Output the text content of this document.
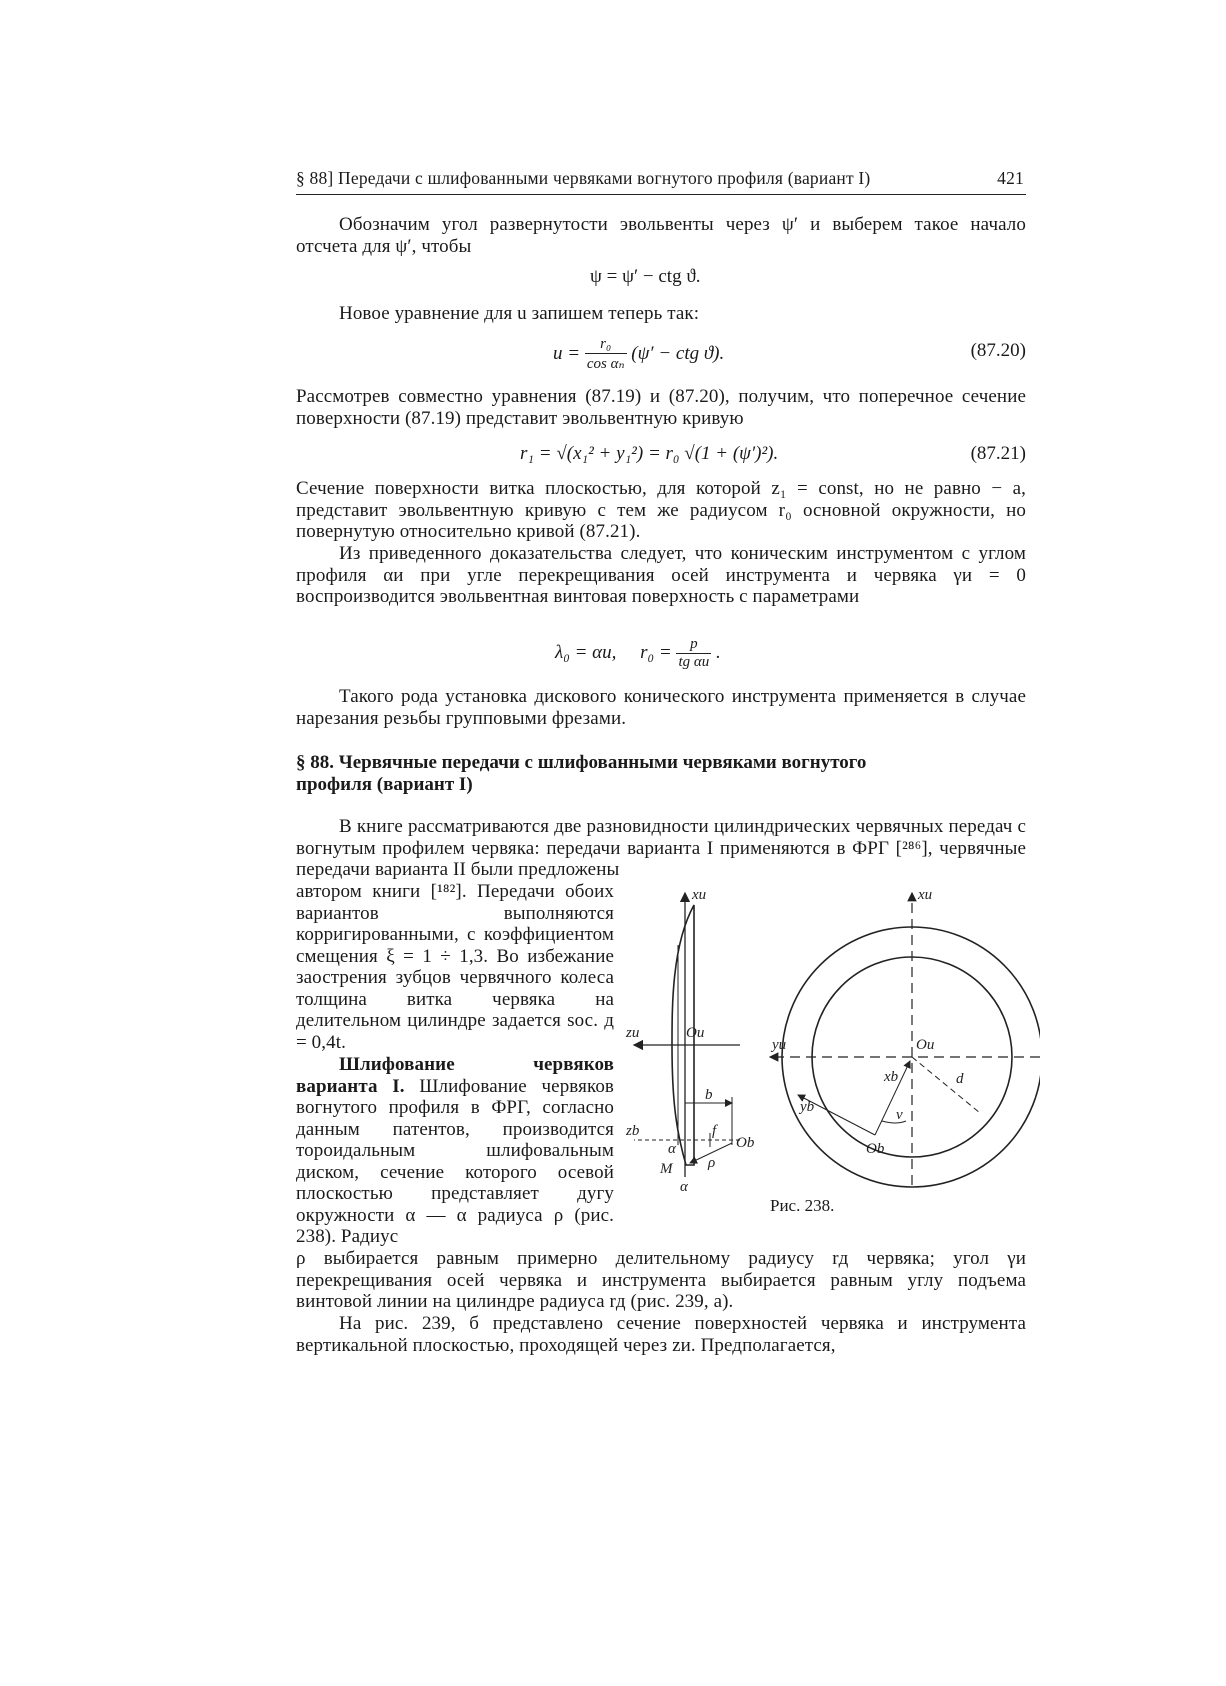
§ 88] Передачи с шлифованными червяками вогнутого профиля (вариант I)	421

Обозначим угол развернутости эвольвенты через ψ′ и выберем такое начало отсчета для ψ′, чтобы

ψ = ψ′ − ctg ϑ.

Новое уравнение для u запишем теперь так:

$u = \frac{\text{r₀}}{\text{cos αₙ}} (\psi'$ − ctg ϑ).	(87.20)

Рассмотрев совместно уравнения (87.19) и (87.20), получим, что поперечное сечение поверхности (87.19) представит эвольвентную кривую

r₁ = √(x₁² + y₁²) = r₀ √(1 + (ψ′)²).	(87.21)

Сечение поверхности витка плоскостью, для которой z₁ = const, но не равно − a, представит эвольвентную кривую с тем же радиусом r₀ основной окружности, но повернутую относительно кривой (87.21).

Из приведенного доказательства следует, что коническим инструментом с углом профиля αи при угле перекрещивания осей инструмента и червяка γи = 0 воспроизводится эвольвентная винтовая поверхность с параметрами

λ₀ = αи, $r_0 = \frac{p}{\text{tg αи}}$ .

Такого рода установка дискового конического инструмента применяется в случае нарезания резьбы групповыми фрезами.

§ 88. Червячные передачи с шлифованными червяками вогнутого профиля (вариант I)

В книге рассматриваются две разновидности цилиндрических червячных передач с вогнутым профилем червяка: передачи варианта I применяются в ФРГ [²⁸⁶], червячные передачи варианта II были предложены

автором книги [¹⁸²]. Передачи обоих вариантов выполняются корригированными, с коэффициентом смещения ξ = 1 ÷ 1,3. Во избежание заострения зубцов червячного колеса толщина витка червяка на делительном цилиндре задается sос. д = 0,4t.

Шлифование червяков варианта I. Шлифование червяков вогнутого профиля в ФРГ, согласно данным патентов, производится тороидальным шлифовальным диском, сечение которого осевой плоскостью представляет дугу окружности α — α радиуса ρ (рис. 238). Радиус

ρ выбирается равным примерно делительному радиусу rд червяка; угол γи перекрещивания осей червяка и инструмента выбирается равным углу подъема винтовой линии на цилиндре радиуса rд (рис. 239, а).

На рис. 239, б представлено сечение поверхностей червяка и инструмента вертикальной плоскостью, проходящей через zи. Предполагается,

xи
zи	Oи
b
zb
α
f
ρ
Ob
M
α
xи
yи	Oи
xb	d
yb	ν
Ob
Рис. 238.
